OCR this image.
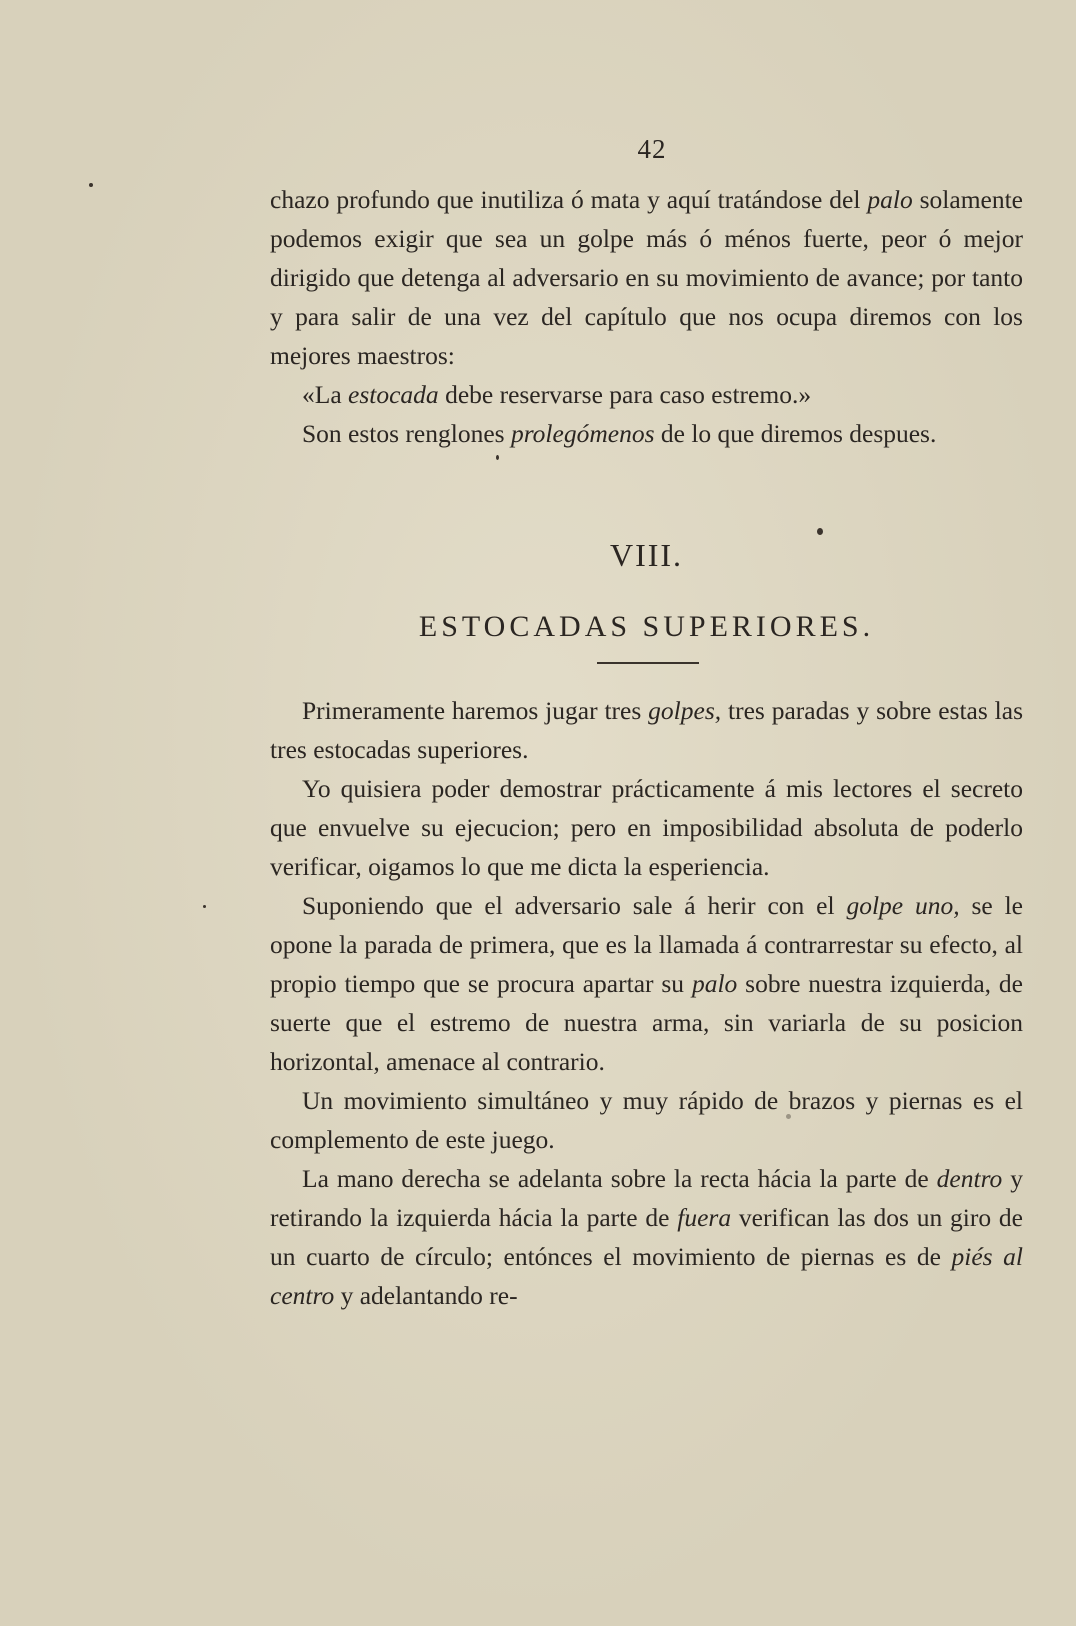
42

chazo profundo que inutiliza ó mata y aquí tratándose del palo solamente podemos exigir que sea un golpe más ó ménos fuerte, peor ó mejor dirigido que detenga al adversario en su movimiento de avance; por tanto y para salir de una vez del capítulo que nos ocupa diremos con los mejores maestros:

«La estocada debe reservarse para caso estremo.»

Son estos renglones prolegómenos de lo que diremos despues.

VIII.
ESTOCADAS SUPERIORES.

Primeramente haremos jugar tres golpes, tres paradas y sobre estas las tres estocadas superiores.

Yo quisiera poder demostrar prácticamente á mis lectores el secreto que envuelve su ejecucion; pero en imposibilidad absoluta de poderlo verificar, oigamos lo que me dicta la esperiencia.

Suponiendo que el adversario sale á herir con el golpe uno, se le opone la parada de primera, que es la llamada á contrarrestar su efecto, al propio tiempo que se procura apartar su palo sobre nuestra izquierda, de suerte que el estremo de nuestra arma, sin variarla de su posicion horizontal, amenace al contrario.

Un movimiento simultáneo y muy rápido de brazos y piernas es el complemento de este juego.

La mano derecha se adelanta sobre la recta hácia la parte de dentro y retirando la izquierda hácia la parte de fuera verifican las dos un giro de un cuarto de círculo; entónces el movimiento de piernas es de piés al centro y adelantando re-
